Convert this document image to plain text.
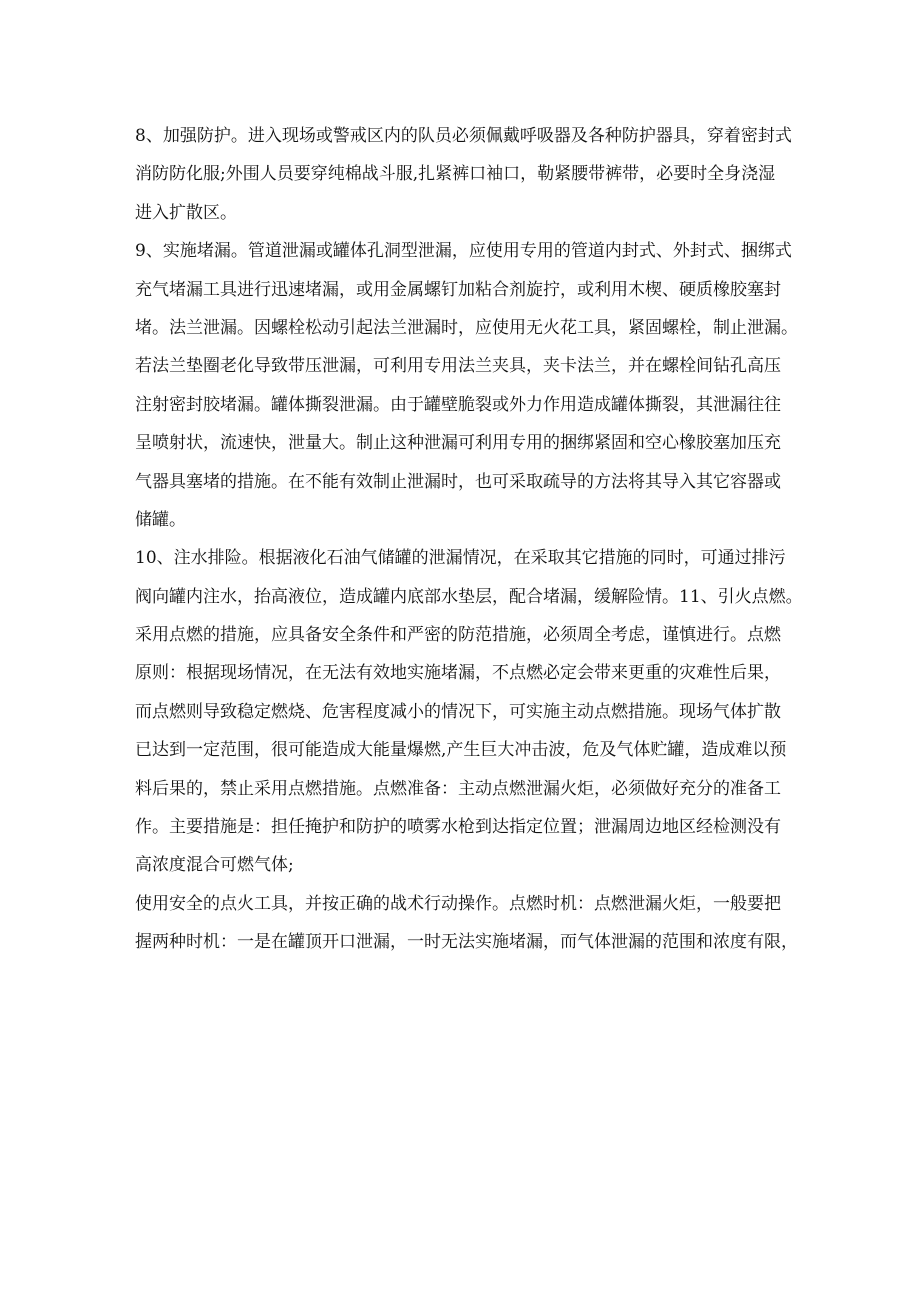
8、加强防护。进入现场或警戒区内的队员必须佩戴呼吸器及各种防护器具，穿着密封式
消防防化服;外围人员要穿纯棉战斗服,扎紧裤口袖口，勒紧腰带裤带，必要时全身浇湿
进入扩散区。
9、实施堵漏。管道泄漏或罐体孔洞型泄漏，应使用专用的管道内封式、外封式、捆绑式
充气堵漏工具进行迅速堵漏，或用金属螺钉加粘合剂旋拧，或利用木楔、硬质橡胶塞封
堵。法兰泄漏。因螺栓松动引起法兰泄漏时，应使用无火花工具，紧固螺栓，制止泄漏。
若法兰垫圈老化导致带压泄漏，可利用专用法兰夹具，夹卡法兰，并在螺栓间钻孔高压
注射密封胶堵漏。罐体撕裂泄漏。由于罐壁脆裂或外力作用造成罐体撕裂，其泄漏往往
呈喷射状，流速快，泄量大。制止这种泄漏可利用专用的捆绑紧固和空心橡胶塞加压充
气器具塞堵的措施。在不能有效制止泄漏时，也可采取疏导的方法将其导入其它容器或
储罐。
10、注水排险。根据液化石油气储罐的泄漏情况，在采取其它措施的同时，可通过排污
阀向罐内注水，抬高液位，造成罐内底部水垫层，配合堵漏，缓解险情。11、引火点燃。
采用点燃的措施，应具备安全条件和严密的防范措施，必须周全考虑，谨慎进行。点燃
原则：根据现场情况，在无法有效地实施堵漏，不点燃必定会带来更重的灾难性后果，
而点燃则导致稳定燃烧、危害程度减小的情况下，可实施主动点燃措施。现场气体扩散
已达到一定范围，很可能造成大能量爆燃,产生巨大冲击波，危及气体贮罐，造成难以预
料后果的，禁止采用点燃措施。点燃准备：主动点燃泄漏火炬，必须做好充分的准备工
作。主要措施是：担任掩护和防护的喷雾水枪到达指定位置；泄漏周边地区经检测没有
高浓度混合可燃气体;
使用安全的点火工具，并按正确的战术行动操作。点燃时机：点燃泄漏火炬，一般要把
握两种时机：一是在罐顶开口泄漏，一时无法实施堵漏，而气体泄漏的范围和浓度有限，
